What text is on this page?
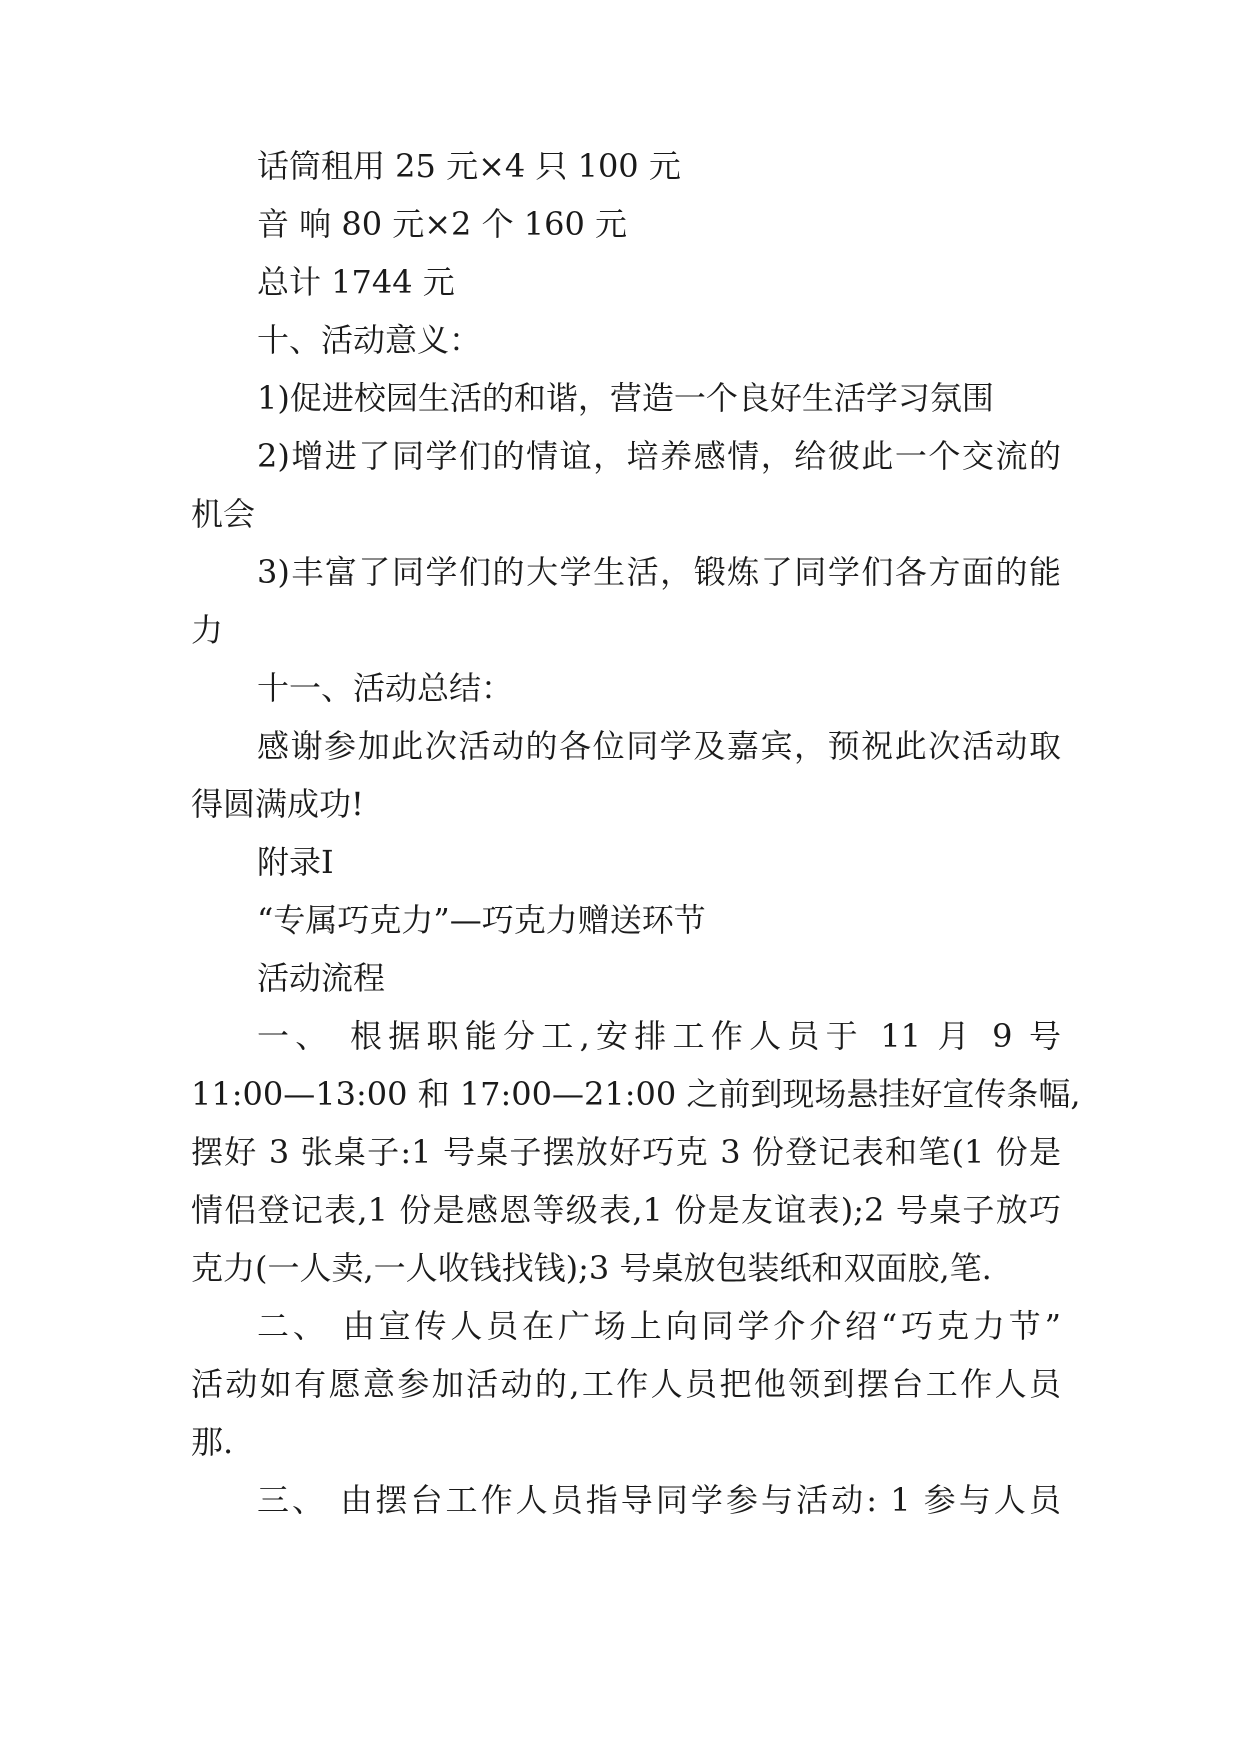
话筒租用 25 元×4 只 100 元
音 响 80 元×2 个 160 元
总计 1744 元
十、活动意义：
1)促进校园生活的和谐，营造一个良好生活学习氛围
2)增进了同学们的情谊，培养感情，给彼此一个交流的
机会
3)丰富了同学们的大学生活，锻炼了同学们各方面的能
力
十一、活动总结：
感谢参加此次活动的各位同学及嘉宾，预祝此次活动取
得圆满成功!
附录Ⅰ
“专属巧克力”—巧克力赠送环节
活动流程
一、 根据职能分工,安排工作人员于 11 月 9 号
11:00—13:00 和 17:00—21:00 之前到现场悬挂好宣传条幅,
摆好 3 张桌子:1 号桌子摆放好巧克 3 份登记表和笔(1 份是
情侣登记表,1 份是感恩等级表,1 份是友谊表);2 号桌子放巧
克力(一人卖,一人收钱找钱);3 号桌放包装纸和双面胶,笔.
二、 由宣传人员在广场上向同学介介绍“巧克力节”
活动如有愿意参加活动的,工作人员把他领到摆台工作人员
那.
三、 由摆台工作人员指导同学参与活动: 1 参与人员
